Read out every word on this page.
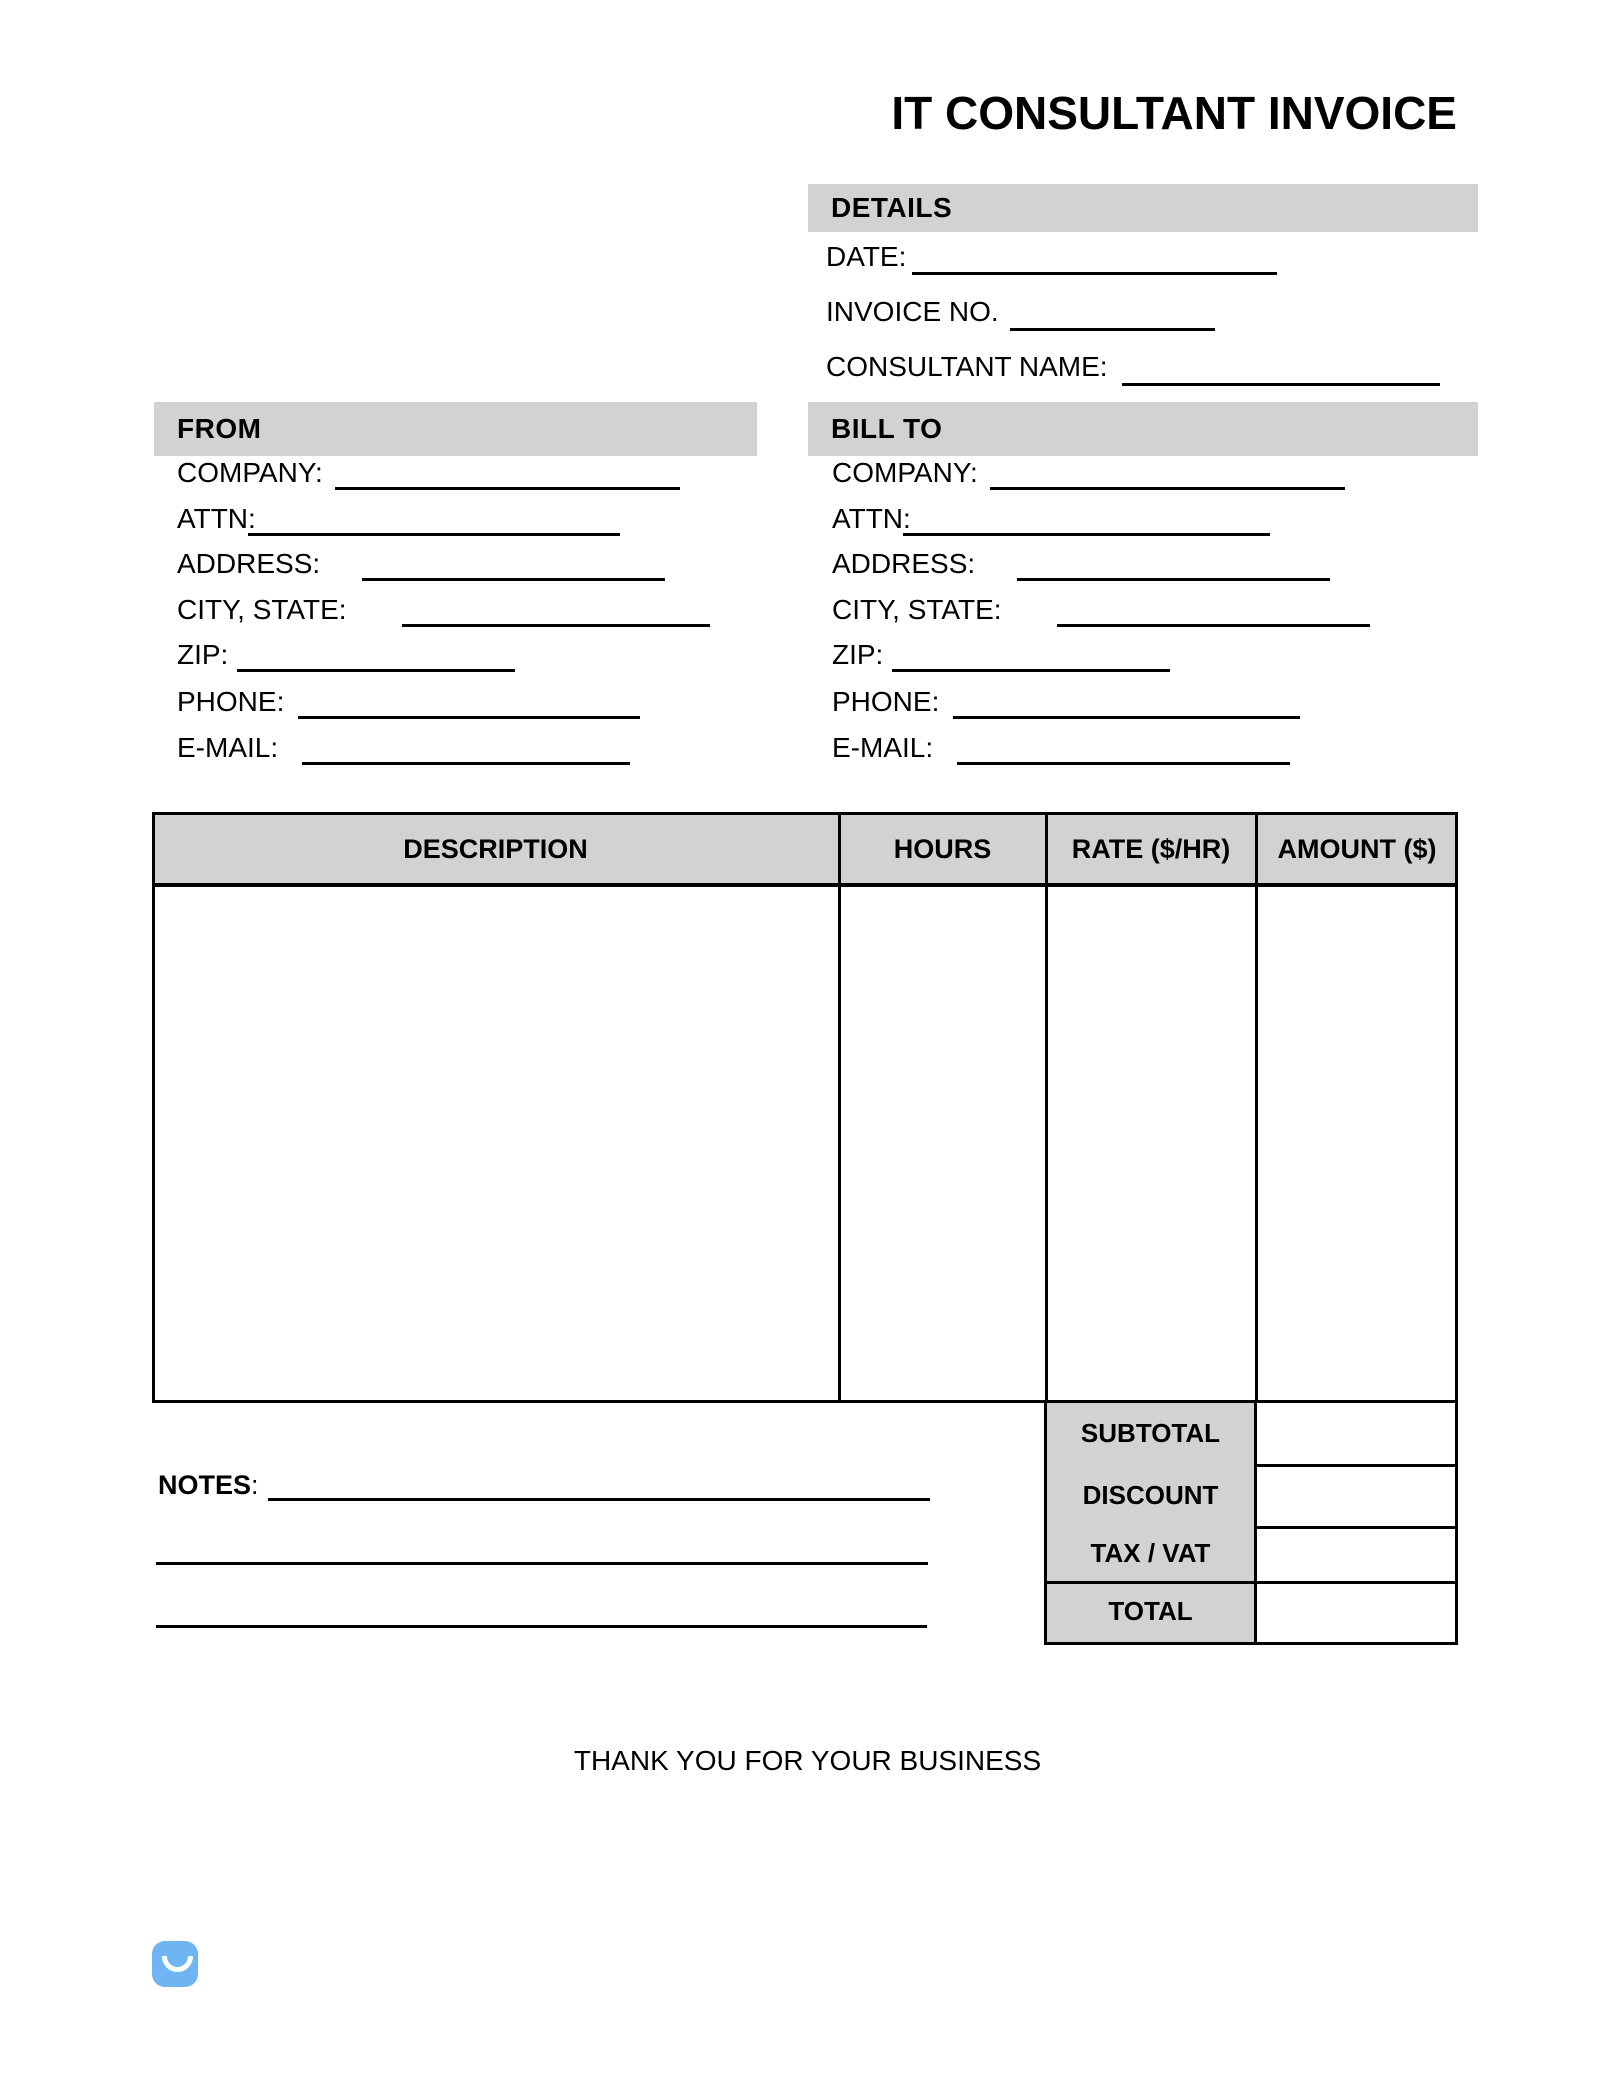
IT CONSULTANT INVOICE
DETAILS
DATE:
INVOICE NO.
CONSULTANT NAME:
FROM
COMPANY:
ATTN:
ADDRESS:
CITY, STATE:
ZIP:
PHONE:
E-MAIL:
BILL TO
COMPANY:
ATTN:
ADDRESS:
CITY, STATE:
ZIP:
PHONE:
E-MAIL:
DESCRIPTION	HOURS	RATE ($/HR)	AMOUNT ($)
SUBTOTAL
DISCOUNT
TAX / VAT
TOTAL
NOTES:
THANK YOU FOR YOUR BUSINESS
